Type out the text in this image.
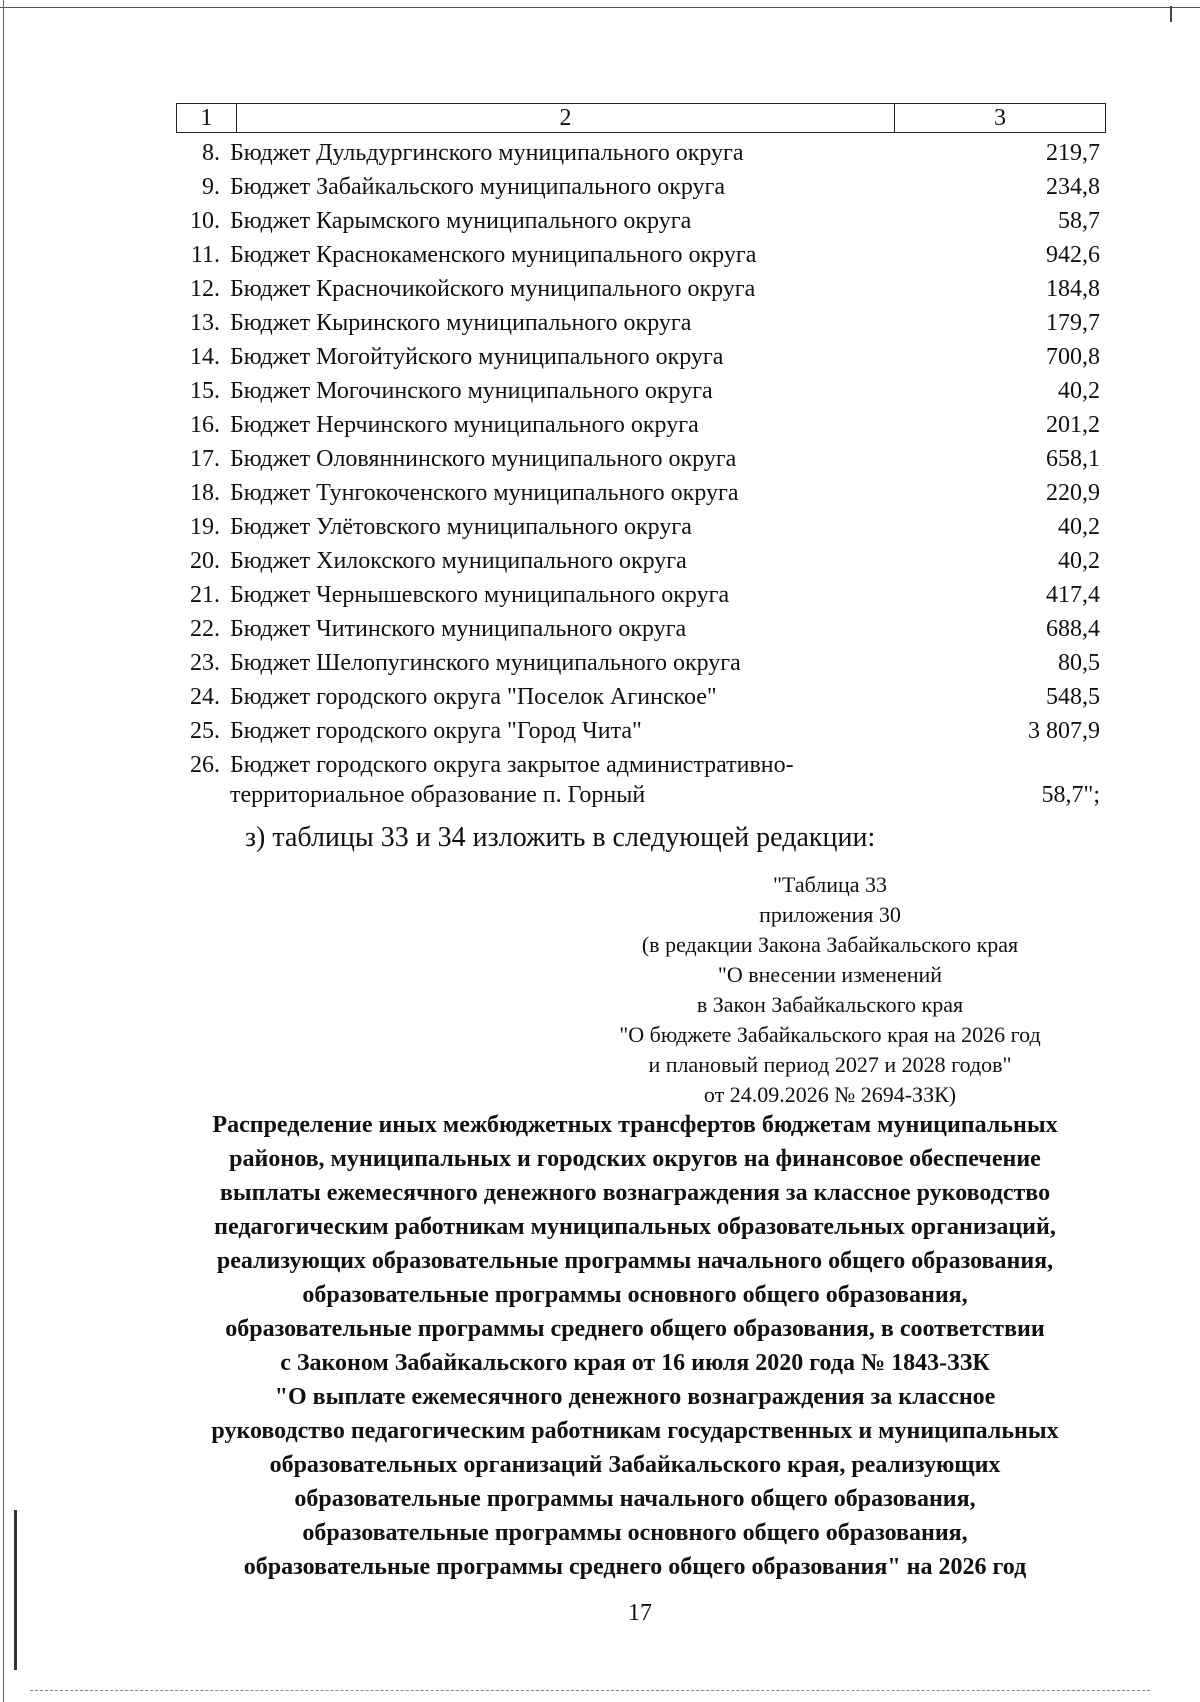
1	2	3
8. Бюджет Дульдургинского муниципального округа	219,7
9. Бюджет Забайкальского муниципального округа	234,8
10. Бюджет Карымского муниципального округа	58,7
11. Бюджет Краснокаменского муниципального округа	942,6
12. Бюджет Красночикойского муниципального округа	184,8
13. Бюджет Кыринского муниципального округа	179,7
14. Бюджет Могойтуйского муниципального округа	700,8
15. Бюджет Могочинского муниципального округа	40,2
16. Бюджет Нерчинского муниципального округа	201,2
17. Бюджет Оловяннинского муниципального округа	658,1
18. Бюджет Тунгокоченского муниципального округа	220,9
19. Бюджет Улётовского муниципального округа	40,2
20. Бюджет Хилокского муниципального округа	40,2
21. Бюджет Чернышевского муниципального округа	417,4
22. Бюджет Читинского муниципального округа	688,4
23. Бюджет Шелопугинского муниципального округа	80,5
24. Бюджет городского округа "Поселок Агинское"	548,5
25. Бюджет городского округа "Город Чита"	3 807,9
26. Бюджет городского округа закрытое административно-территориальное образование п. Горный	58,7";
з) таблицы 33 и 34 изложить в следующей редакции:
"Таблица 33
приложения 30
(в редакции Закона Забайкальского края
"О внесении изменений
в Закон Забайкальского края
"О бюджете Забайкальского края на 2026 год
и плановый период 2027 и 2028 годов"
от 24.09.2026 № 2694-ЗЗК)
Распределение иных межбюджетных трансфертов бюджетам муниципальных
районов, муниципальных и городских округов на финансовое обеспечение
выплаты ежемесячного денежного вознаграждения за классное руководство
педагогическим работникам муниципальных образовательных организаций,
реализующих образовательные программы начального общего образования,
образовательные программы основного общего образования,
образовательные программы среднего общего образования, в соответствии
с Законом Забайкальского края от 16 июля 2020 года № 1843-ЗЗК
"О выплате ежемесячного денежного вознаграждения за классное
руководство педагогическим работникам государственных и муниципальных
образовательных организаций Забайкальского края, реализующих
образовательные программы начального общего образования,
образовательные программы основного общего образования,
образовательные программы среднего общего образования" на 2026 год
17
